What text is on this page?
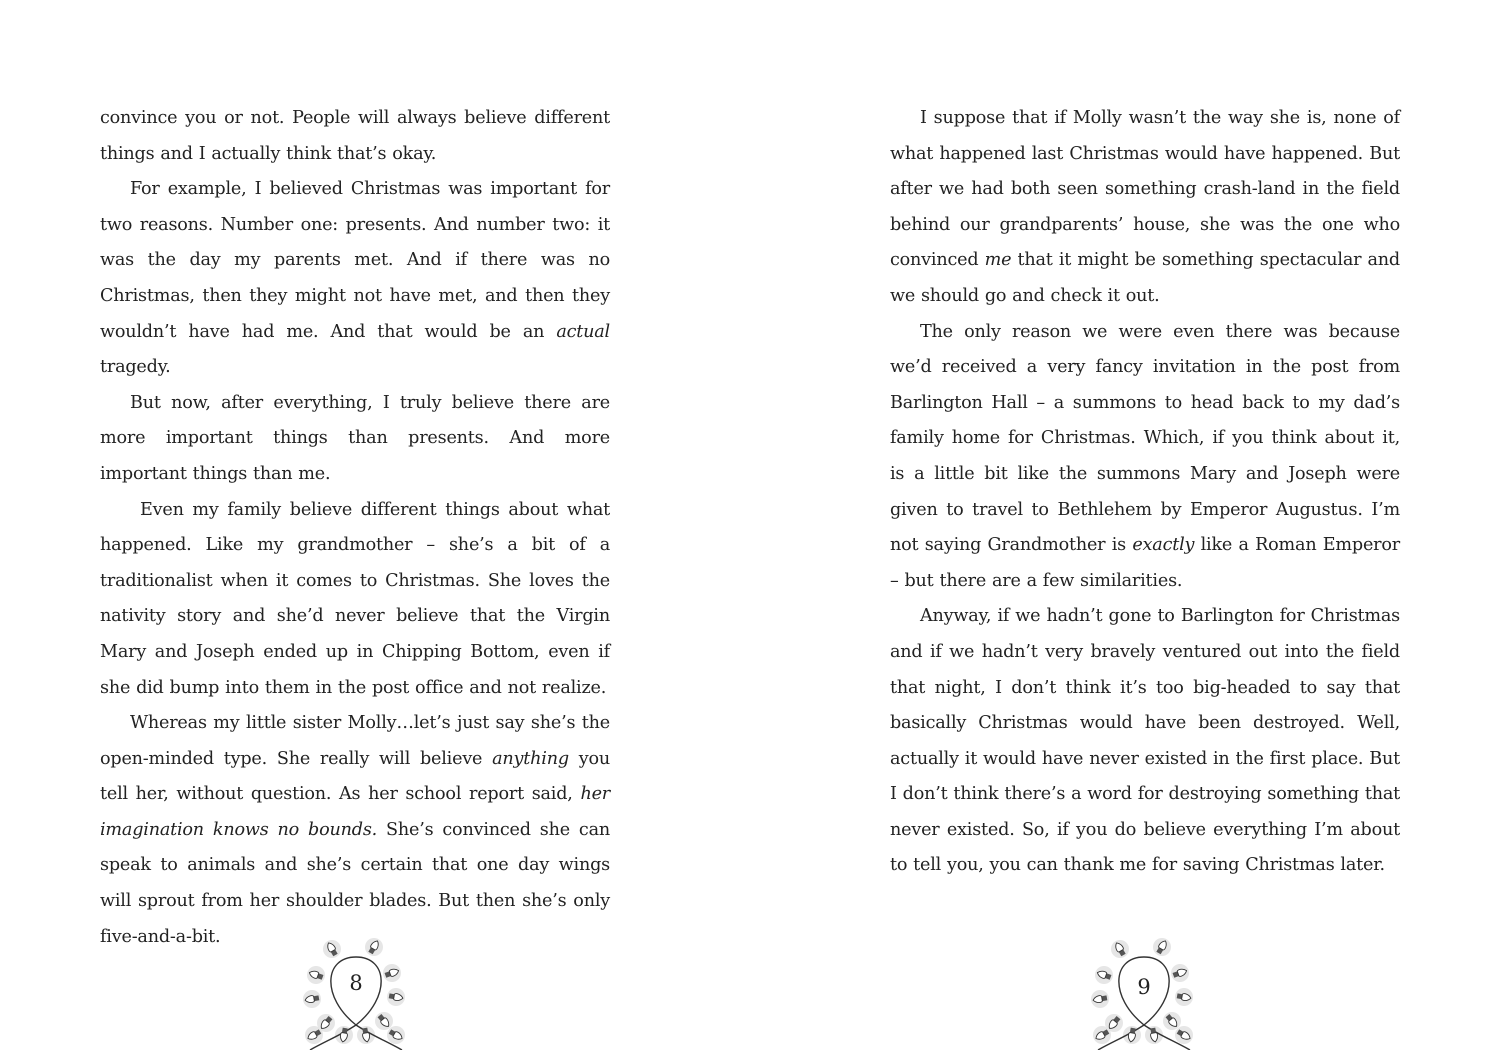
convince you or not. People will always believe different things and I actually think that’s okay.

For example, I believed Christmas was important for two reasons. Number one: presents. And number two: it was the day my parents met. And if there was no Christmas, then they might not have met, and then they wouldn’t have had me. And that would be an actual tragedy.

But now, after everything, I truly believe there are more important things than presents. And more important things than me.

Even my family believe different things about what happened. Like my grandmother – she’s a bit of a traditionalist when it comes to Christmas. She loves the nativity story and she’d never believe that the Virgin Mary and Joseph ended up in Chipping Bottom, even if she did bump into them in the post office and not realize.

Whereas my little sister Molly…let’s just say she’s the open-minded type. She really will believe anything you tell her, without question. As her school report said, her imagination knows no bounds. She’s convinced she can speak to animals and she’s certain that one day wings will sprout from her shoulder blades. But then she’s only five-and-a-bit.

I suppose that if Molly wasn’t the way she is, none of what happened last Christmas would have happened. But after we had both seen something crash-land in the field behind our grandparents’ house, she was the one who convinced me that it might be something spectacular and we should go and check it out.

The only reason we were even there was because we’d received a very fancy invitation in the post from Barlington Hall – a summons to head back to my dad’s family home for Christmas. Which, if you think about it, is a little bit like the summons Mary and Joseph were given to travel to Bethlehem by Emperor Augustus. I’m not saying Grandmother is exactly like a Roman Emperor – but there are a few similarities.

Anyway, if we hadn’t gone to Barlington for Christmas and if we hadn’t very bravely ventured out into the field that night, I don’t think it’s too big-headed to say that basically Christmas would have been destroyed. Well, actually it would have never existed in the first place. But I don’t think there’s a word for destroying something that never existed. So, if you do believe everything I’m about to tell you, you can thank me for saving Christmas later.

8	9
